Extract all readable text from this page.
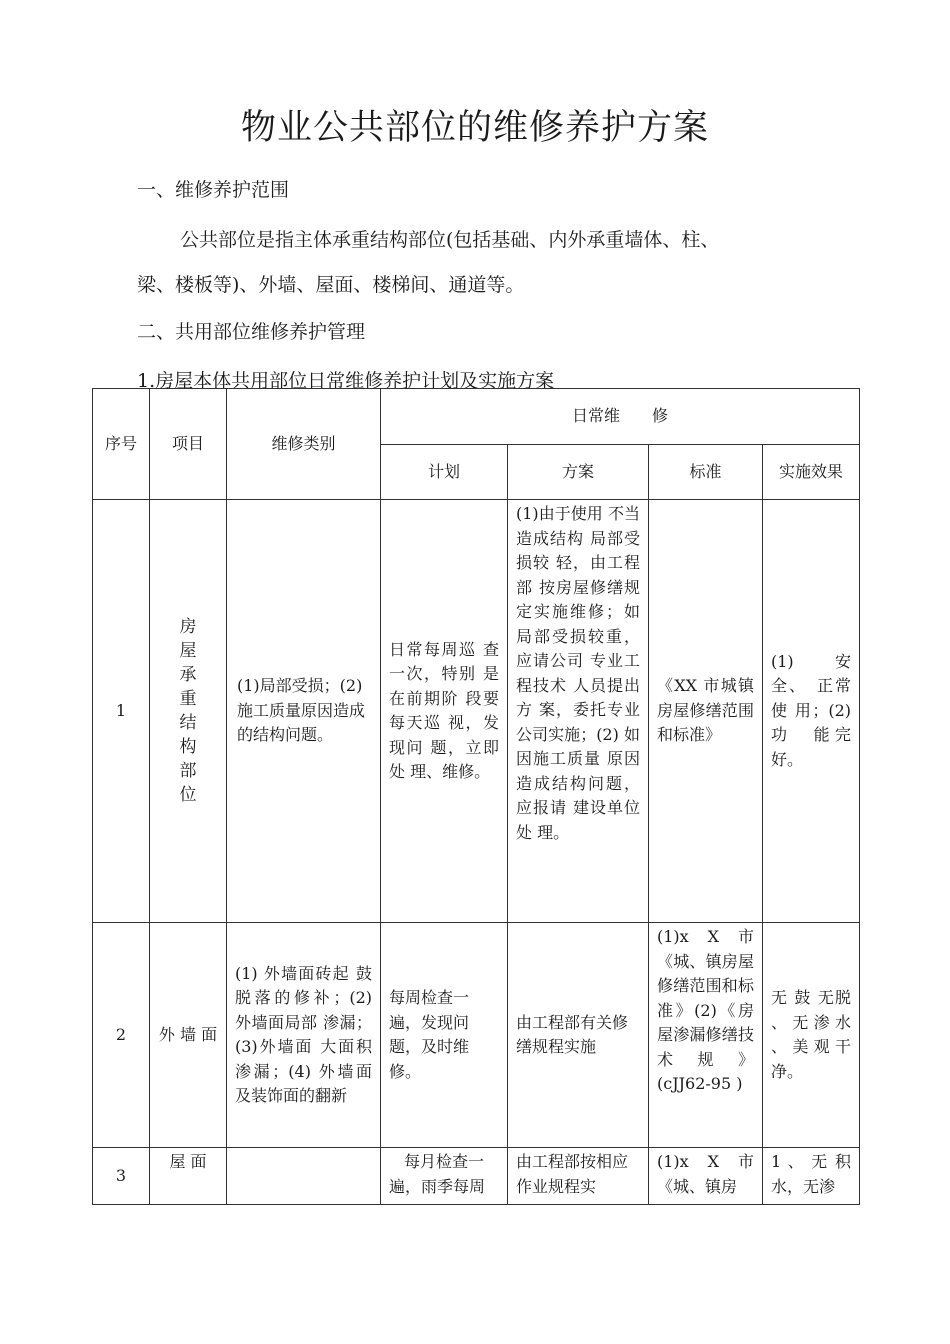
物业公共部位的维修养护方案
一、维修养护范围
公共部位是指主体承重结构部位(包括基础、内外承重墙体、柱、
梁、楼板等)、外墙、屋面、楼梯间、通道等。
二、共用部位维修养护管理
1.房屋本体共用部位日常维修养护计划及实施方案
序号	项目	维修类别	日常维　　修			
			计划	方案	标准	实施效果
1	房屋承重结构部位	(1)局部受损；(2)施工质量原因造成的结构问题。	日常每周巡 查一次，特别 是在前期阶 段要每天巡 视，发现问 题，立即处 理、维修。	(1)由于使用 不当造成结构 局部受损较 轻，由工程部 按房屋修缮规 定实施维修；如局部受损较重，应请公司 专业工程技术 人员提出方 案，委托专业 公司实施；(2) 如因施工质量 原因造成结构问题，应报请 建设单位处 理。	《XX 市城镇房屋修缮范围和标准》	(1)　　安全、　正常使 用；(2)功　能完好。

2	外 墙 面	(1) 外墙面砖起 鼓脱落的修补；(2) 外墙面局部 渗漏；(3)外墙面 大面积渗漏；(4) 外墙面及装饰面的翻新	每周检查一遍，发现问题，及时维修。	由工程部有关修缮规程实施	(1)x X 市《城、镇房屋修缮范围和标准》(2)《房屋渗漏修缮技术规》(cJJ62-95 )	无 鼓 无脱 、无渗水 、美观干净。

3	屋 面		每月检查一遍，雨季每周	由工程部按相应作业规程实	(1)x X 市《城、镇房	1 、 无 积水，无渗
